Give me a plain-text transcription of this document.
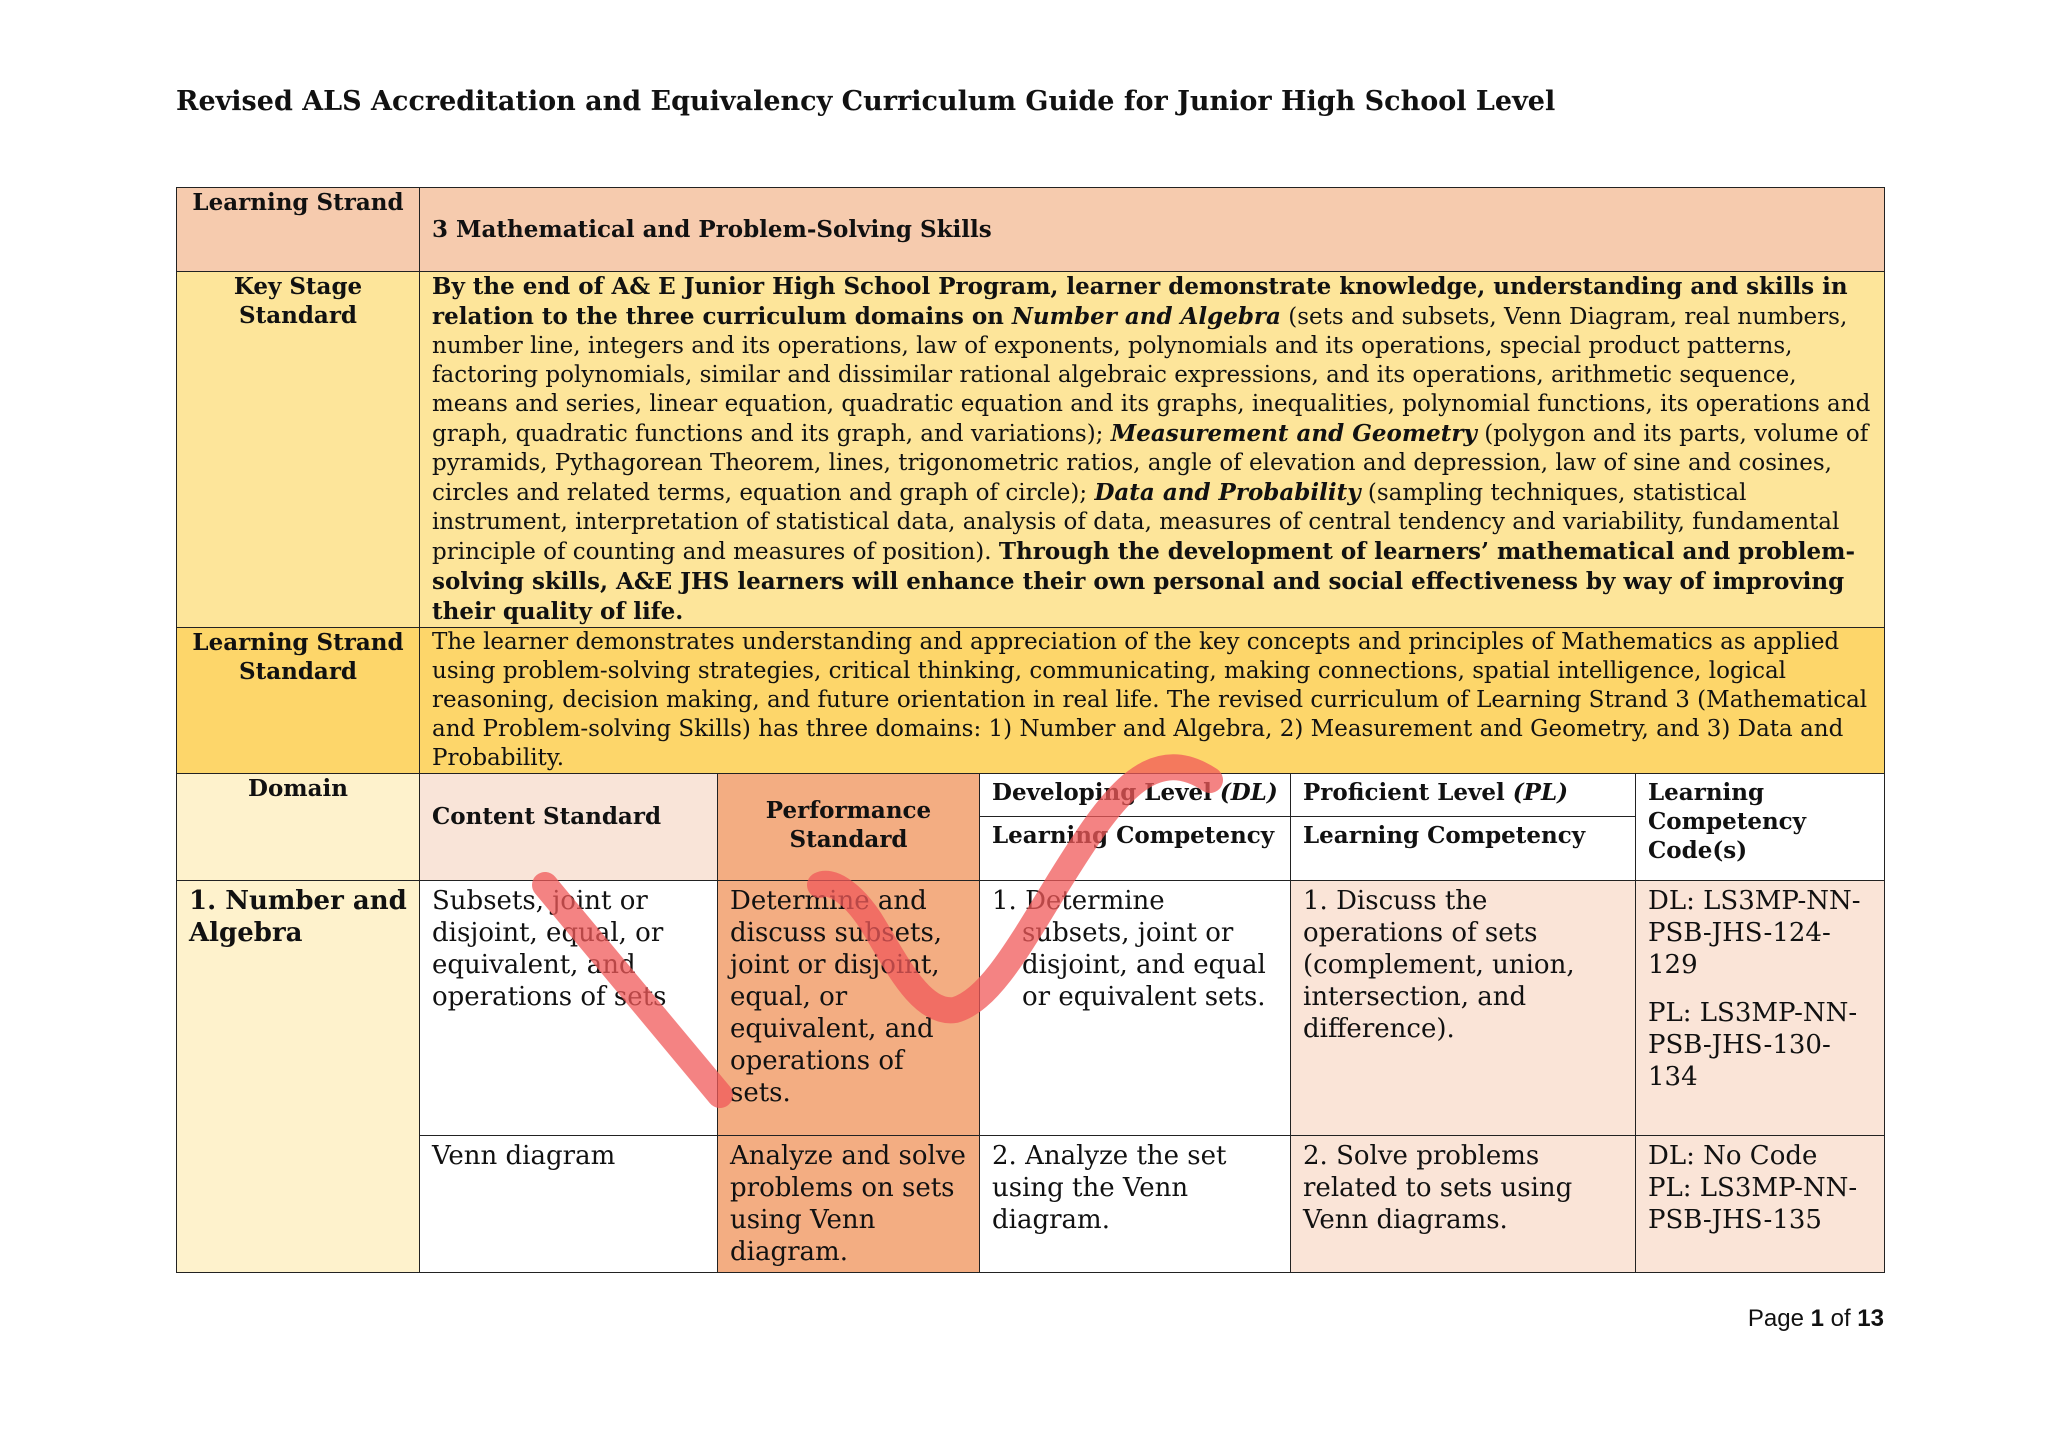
Revised ALS Accreditation and Equivalency Curriculum Guide for Junior High School Level
Learning Strand	3 Mathematical and Problem-Solving Skills				

Key Stage Standard	By the end of A& E Junior High School Program, learner demonstrate knowledge, understanding and skills in relation to the three curriculum domains on Number and Algebra (sets and subsets, Venn Diagram, real numbers, number line, integers and its operations, law of exponents, polynomials and its operations, special product patterns, factoring polynomials, similar and dissimilar rational algebraic expressions, and its operations, arithmetic sequence, means and series, linear equation, quadratic equation and its graphs, inequalities, polynomial functions, its operations and graph, quadratic functions and its graph, and variations); Measurement and Geometry (polygon and its parts, volume of pyramids, Pythagorean Theorem, lines, trigonometric ratios, angle of elevation and depression, law of sine and cosines, circles and related terms, equation and graph of circle); Data and Probability (sampling techniques, statistical instrument, interpretation of statistical data, analysis of data, measures of central tendency and variability, fundamental principle of counting and measures of position). Through the development of learners’ mathematical and problem-solving skills, A&E JHS learners will enhance their own personal and social effectiveness by way of improving their quality of life.				

Learning Strand Standard	The learner demonstrates understanding and appreciation of the key concepts and principles of Mathematics as applied using problem-solving strategies, critical thinking, communicating, making connections, spatial intelligence, logical reasoning, decision making, and future orientation in real life. The revised curriculum of Learning Strand 3 (Mathematical and Problem-solving Skills) has three domains: 1) Number and Algebra, 2) Measurement and Geometry, and 3) Data and Probability.				

Domain	Content Standard	Performance Standard	Developing Level (DL)	Proficient Level (PL)	Learning Competency Code(s)

			Learning Competency	Learning Competency	

1. Number and Algebra	Subsets, joint or disjoint, equal, or equivalent, and operations of sets	Determine and discuss subsets, joint or disjoint, equal, or equivalent, and operations of sets.	1. Determine subsets, joint or disjoint, and equal or equivalent sets.	1. Discuss the operations of sets (complement, union, intersection, and difference).	DL: LS3MP-NN-PSB-JHS-124-129
PL: LS3MP-NN-PSB-JHS-130-134

	Venn diagram	Analyze and solve problems on sets using Venn diagram.	2. Analyze the set using the Venn diagram.	2. Solve problems related to sets using Venn diagrams.	DL: No Code
PL: LS3MP-NN-PSB-JHS-135
Page 1 of 13
